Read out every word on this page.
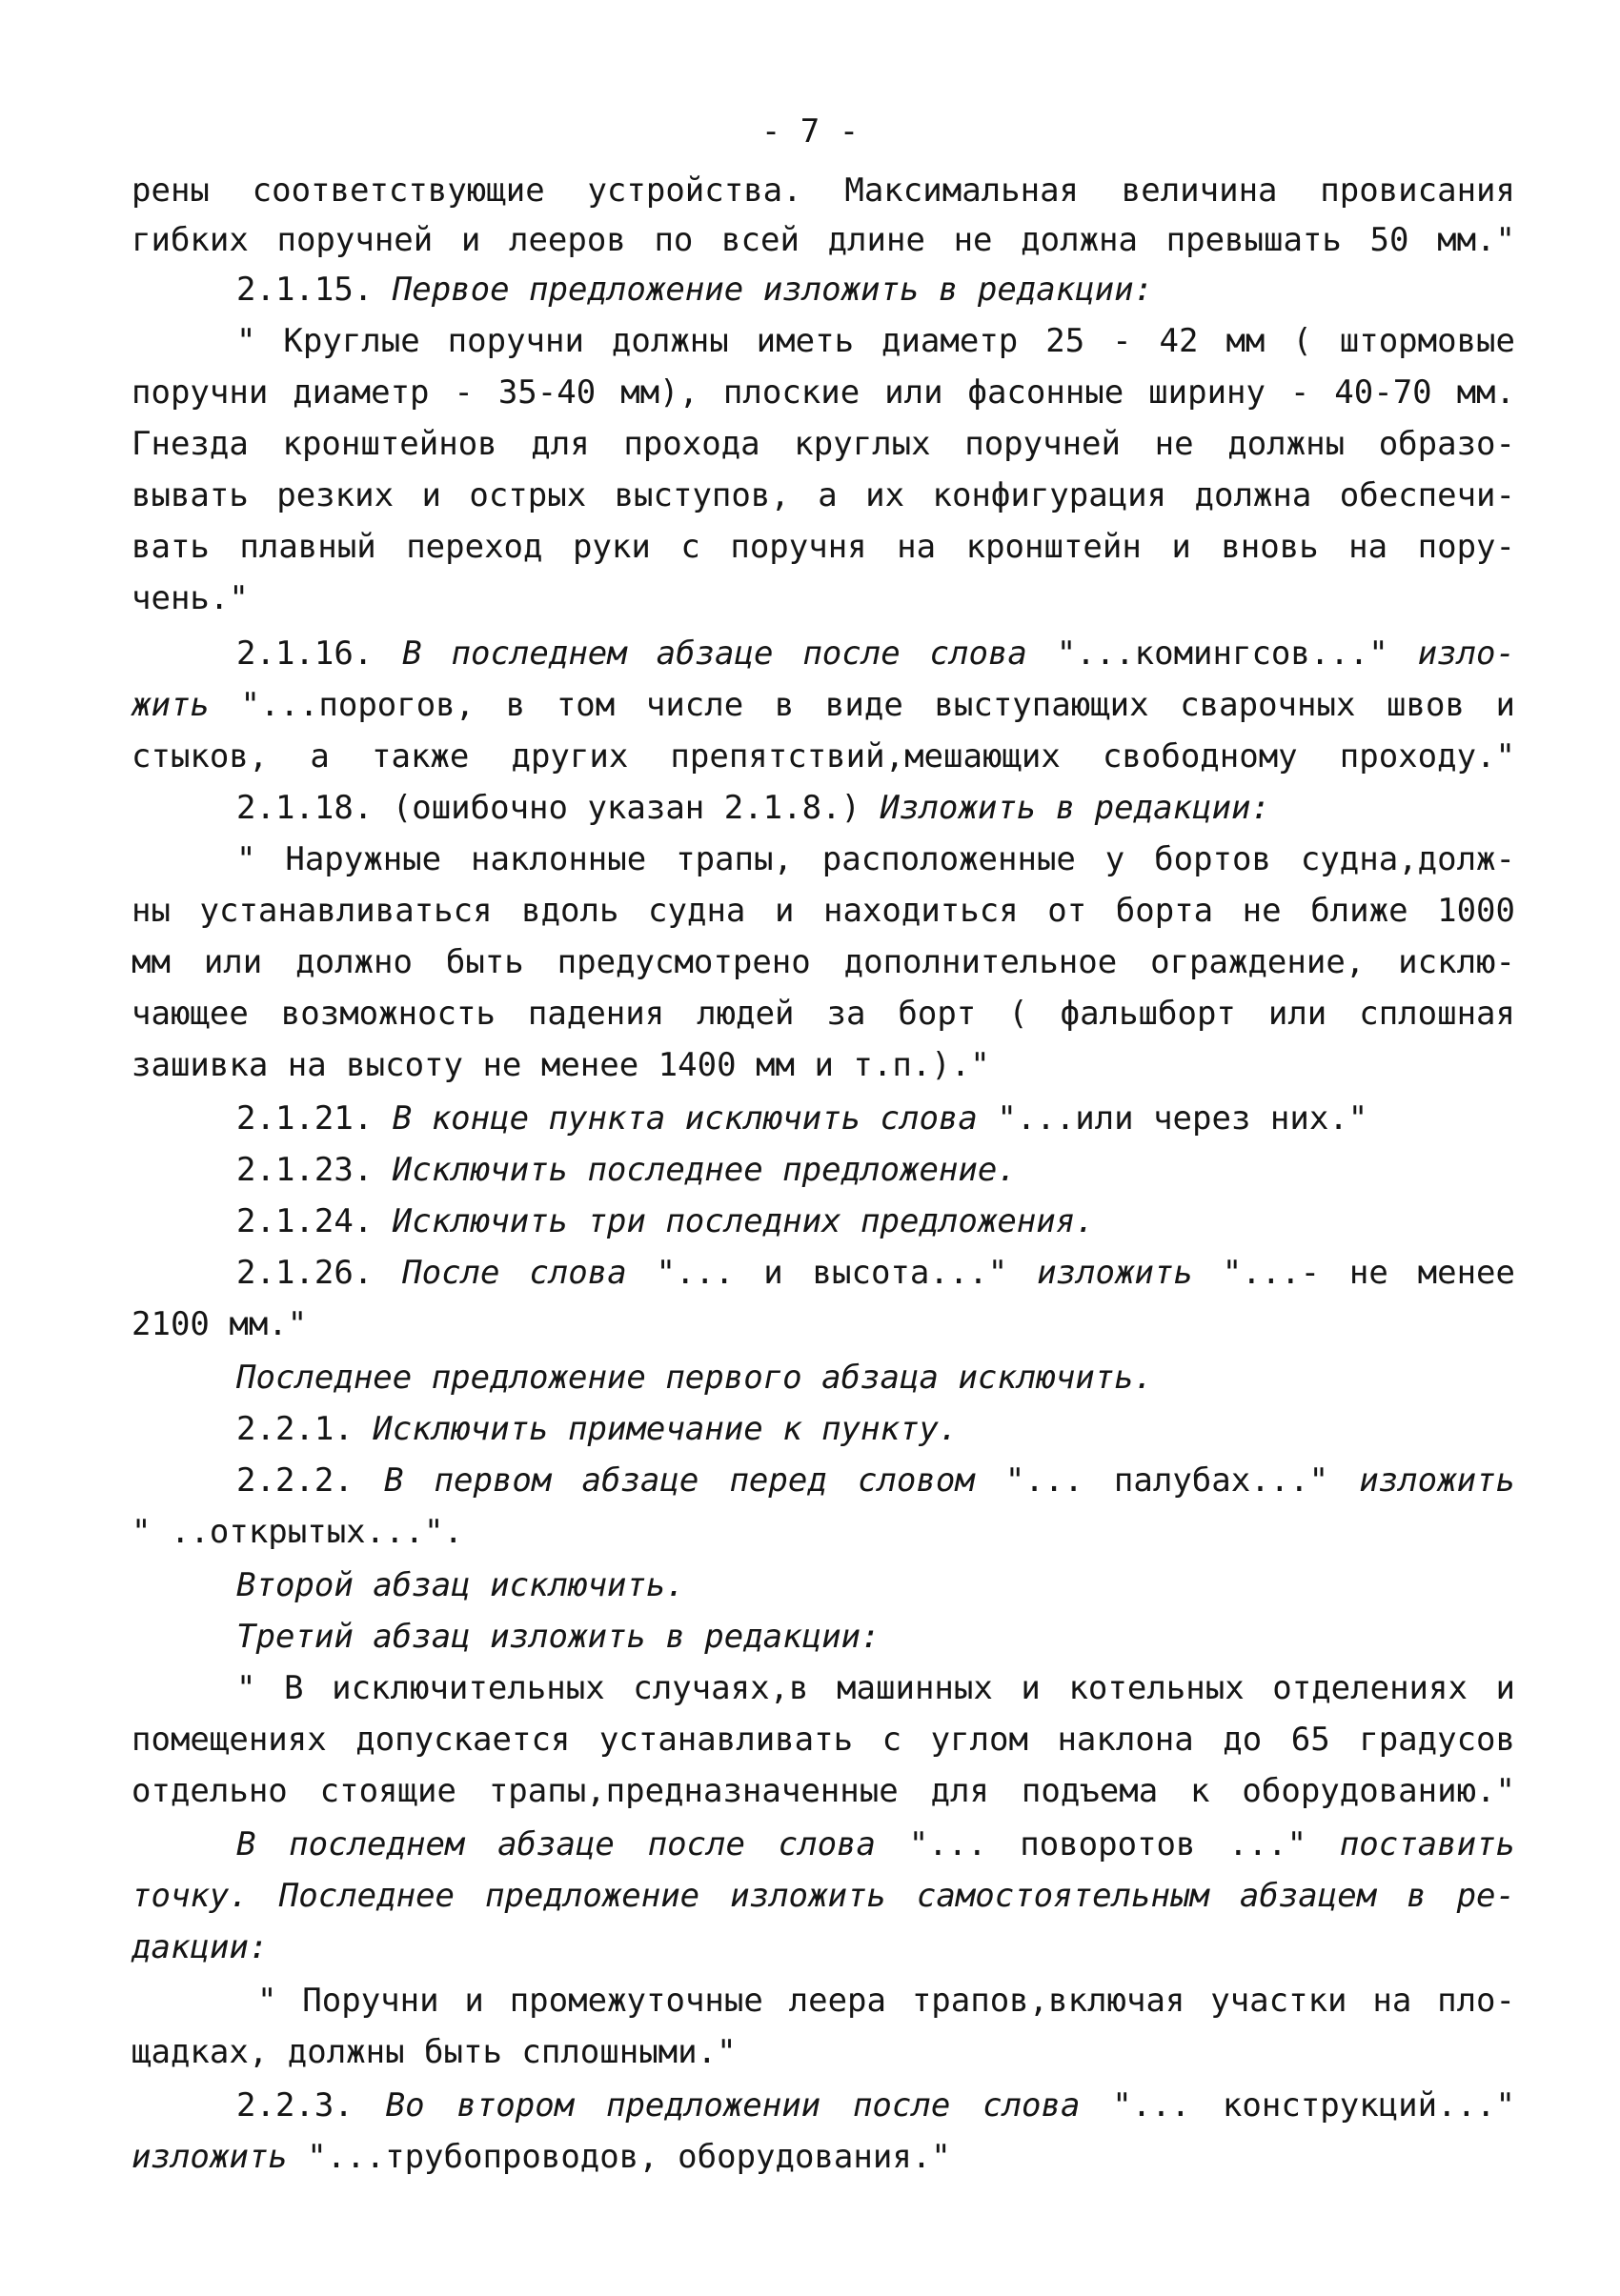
- 7 -
рены соответствующие устройства. Максимальная величина провисания
гибких поручней и лееров по всей длине не должна превышать 50 мм."
2.1.15. Первое предложение изложить в редакции:
" Круглые поручни должны иметь диаметр 25 - 42 мм ( штормовые
поручни диаметр - 35-40 мм), плоские или фасонные ширину - 40-70 мм.
Гнезда кронштейнов для прохода круглых поручней не должны образо-
вывать резких и острых выступов, а их конфигурация должна обеспечи-
вать плавный переход руки с поручня на кронштейн и вновь на пору-
чень."
2.1.16. В последнем абзаце после слова "...комингсов..." изло-
жить "...порогов, в том числе в виде выступающих сварочных швов и
стыков, а также других препятствий,мешающих свободному проходу."
2.1.18. (ошибочно указан 2.1.8.) Изложить в редакции:
" Наружные наклонные трапы, расположенные у бортов судна,долж-
ны устанавливаться вдоль судна и находиться от борта не ближе 1000
мм или должно быть предусмотрено дополнительное ограждение, исклю-
чающее возможность падения людей за борт ( фальшборт или сплошная
зашивка на высоту не менее 1400 мм и т.п.)."
2.1.21. В конце пункта исключить слова "...или через них."
2.1.23. Исключить последнее предложение.
2.1.24. Исключить три последних предложения.
2.1.26. После слова "... и высота..." изложить "...- не менее
2100 мм."
Последнее предложение первого абзаца исключить.
2.2.1. Исключить примечание к пункту.
2.2.2. В первом абзаце перед словом "... палубах..." изложить
" ..открытых...".
Второй абзац исключить.
Третий абзац изложить в редакции:
" В исключительных случаях,в машинных и котельных отделениях и
помещениях допускается устанавливать с углом наклона до 65 градусов
отдельно стоящие трапы,предназначенные для подъема к оборудованию."
В последнем абзаце после слова "... поворотов ..." поставить
точку. Последнее предложение изложить самостоятельным абзацем в ре-
дакции:
" Поручни и промежуточные леера трапов,включая участки на пло-
щадках, должны быть сплошными."
2.2.3. Во втором предложении после слова "... конструкций..."
изложить "...трубопроводов, оборудования."
